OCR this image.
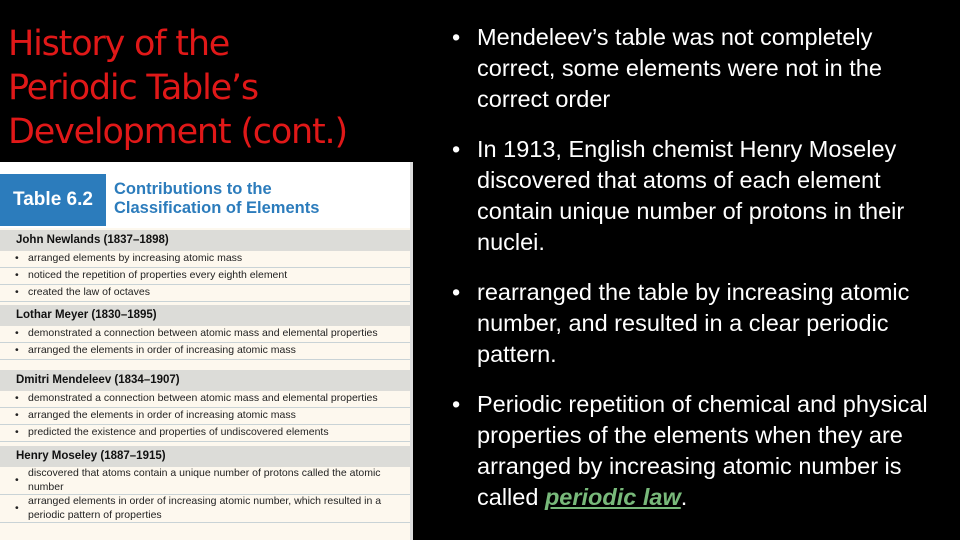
History of the
Periodic Table’s
Development (cont.)
Table 6.2	Contributions to the
Classification of Elements
John Newlands (1837–1898)
• arranged elements by increasing atomic mass
• noticed the repetition of properties every eighth element
• created the law of octaves
Lothar Meyer (1830–1895)
• demonstrated a connection between atomic mass and elemental properties
• arranged the elements in order of increasing atomic mass
Dmitri Mendeleev (1834–1907)
• demonstrated a connection between atomic mass and elemental properties
• arranged the elements in order of increasing atomic mass
• predicted the existence and properties of undiscovered elements
Henry Moseley (1887–1915)
•
discovered that atoms contain a unique number of protons called the atomic number
•
arranged elements in order of increasing atomic number, which resulted in a periodic pattern of properties
• Mendeleev’s table was not completely correct, some elements were not in the correct order
• In 1913, English chemist Henry Moseley discovered that atoms of each element contain unique number of protons in their nuclei.
• rearranged the table by increasing atomic number, and resulted in a clear periodic pattern.
• Periodic repetition of chemical and physical properties of the elements when they are arranged by increasing atomic number is called periodic law.
